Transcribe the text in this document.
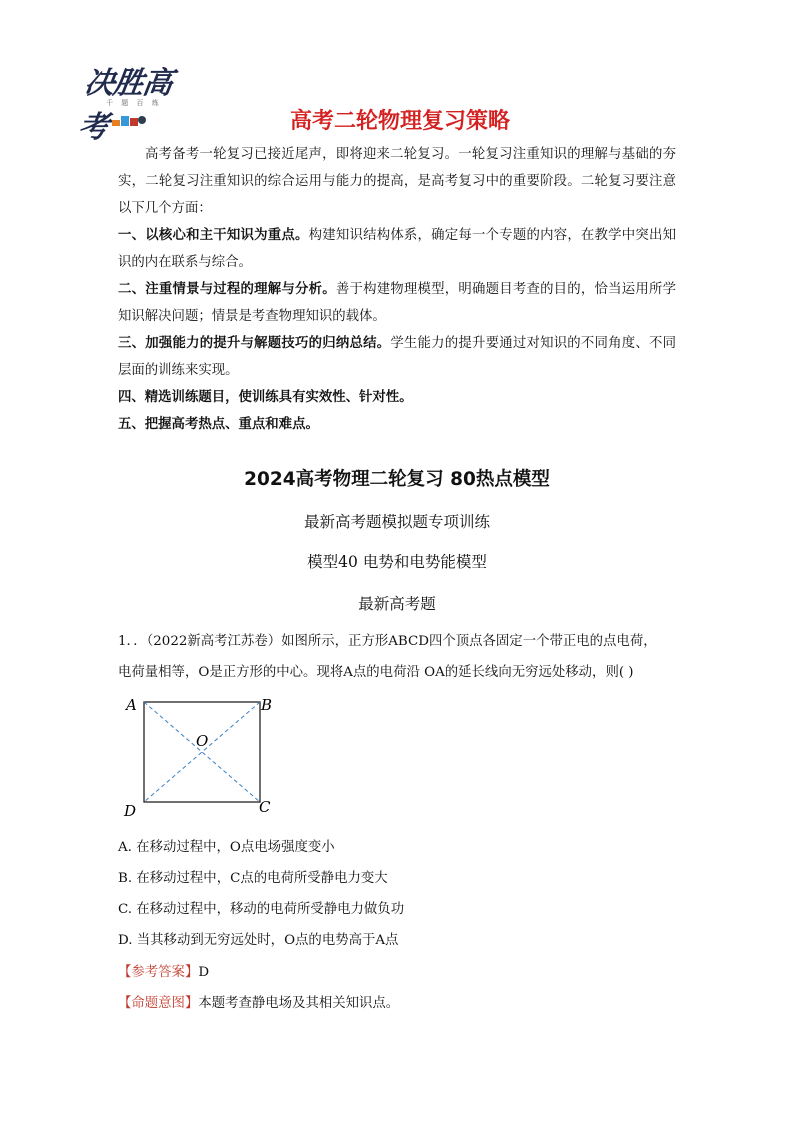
决胜高考
千 题 百 炼
高考二轮物理复习策略

高考备考一轮复习已接近尾声，即将迎来二轮复习。一轮复习注重知识的理解与基础的夯实，二轮复习注重知识的综合运用与能力的提高，是高考复习中的重要阶段。二轮复习要注意以下几个方面：

一、以核心和主干知识为重点。构建知识结构体系，确定每一个专题的内容，在教学中突出知识的内在联系与综合。

二、注重情景与过程的理解与分析。善于构建物理模型，明确题目考查的目的，恰当运用所学知识解决问题；情景是考查物理知识的载体。

三、加强能力的提升与解题技巧的归纳总结。学生能力的提升要通过对知识的不同角度、不同层面的训练来实现。

四、精选训练题目，使训练具有实效性、针对性。

五、把握高考热点、重点和难点。

2024高考物理二轮复习 80热点模型
最新高考题模拟题专项训练
模型40 电势和电势能模型
最新高考题

1．．（2022新高考江苏卷）如图所示，正方形ABCD四个顶点各固定一个带正电的点电荷，

电荷量相等，O是正方形的中心。现将A点的电荷沿 OA的延长线向无穷远处移动，则( )

A	B
C
D
O

A. 在移动过程中，O点电场强度变小

B. 在移动过程中，C点的电荷所受静电力变大

C. 在移动过程中，移动的电荷所受静电力做负功

D. 当其移动到无穷远处时，O点的电势高于A点

【参考答案】D

【命题意图】本题考查静电场及其相关知识点。
